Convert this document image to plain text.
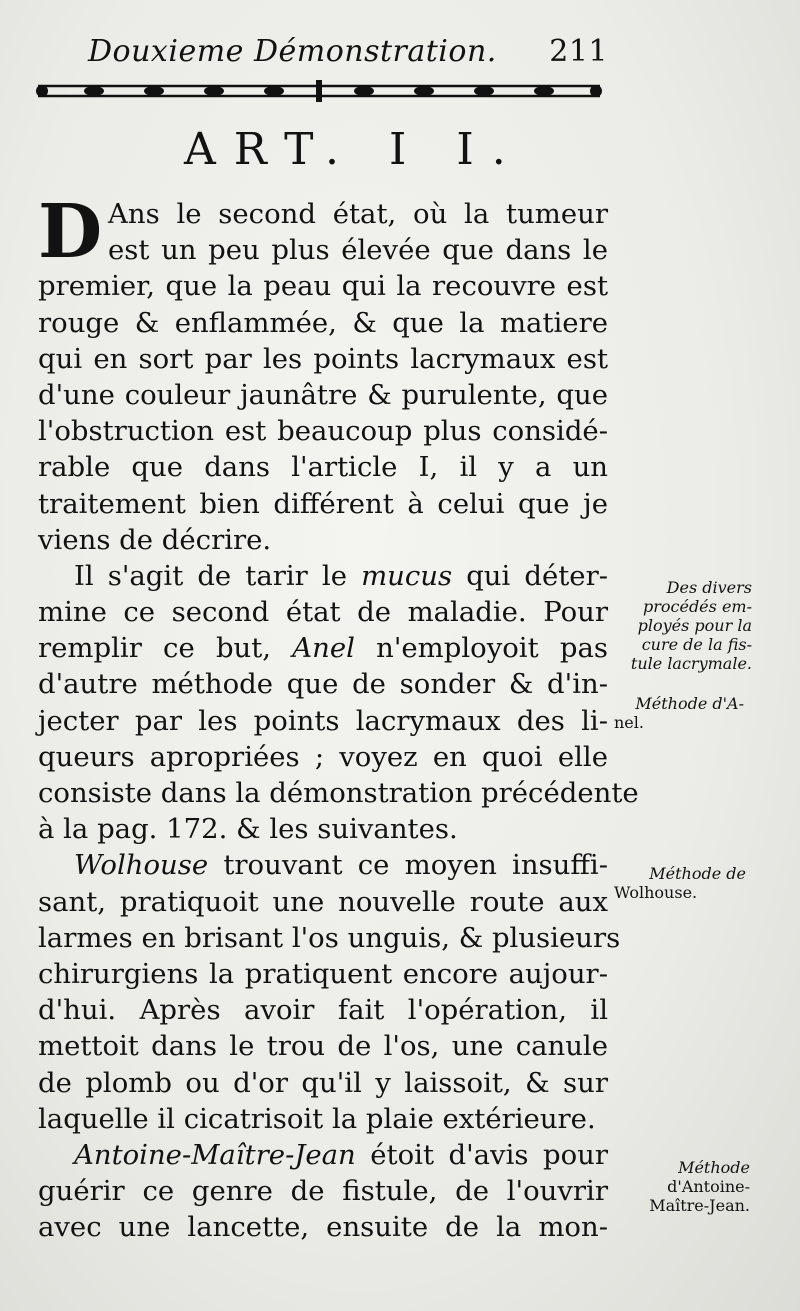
Douxieme Démonstration. 211
ART. I I.
D Ans le second état, où la tumeur
est un peu plus élevée que dans le
premier, que la peau qui la recouvre est
rouge & enflammée, & que la matiere
qui en sort par les points lacrymaux est
d'une couleur jaunâtre & purulente, que
l'obstruction est beaucoup plus considé-
rable que dans l'article I, il y a un
traitement bien différent à celui que je
viens de décrire.
Il s'agit de tarir le mucus qui déter-
mine ce second état de maladie. Pour
remplir ce but, Anel n'employoit pas
d'autre méthode que de sonder & d'in-
jecter par les points lacrymaux des li-
queurs apropriées ; voyez en quoi elle
consiste dans la démonstration précédente
à la pag. 172. & les suivantes.
Wolhouse trouvant ce moyen insuffi-
sant, pratiquoit une nouvelle route aux
larmes en brisant l'os unguis, & plusieurs
chirurgiens la pratiquent encore aujour-
d'hui. Après avoir fait l'opération, il
mettoit dans le trou de l'os, une canule
de plomb ou d'or qu'il y laissoit, & sur
laquelle il cicatrisoit la plaie extérieure.
Antoine-Maître-Jean étoit d'avis pour
guérir ce genre de fistule, de l'ouvrir
avec une lancette, ensuite de la mon-
Des divers
procédés em-
ployés pour la
cure de la fis-
tule lacrymale.
Méthode d'A-
nel.
Méthode de
Wolhouse.
Méthode
d'Antoine-
Maître-Jean.
